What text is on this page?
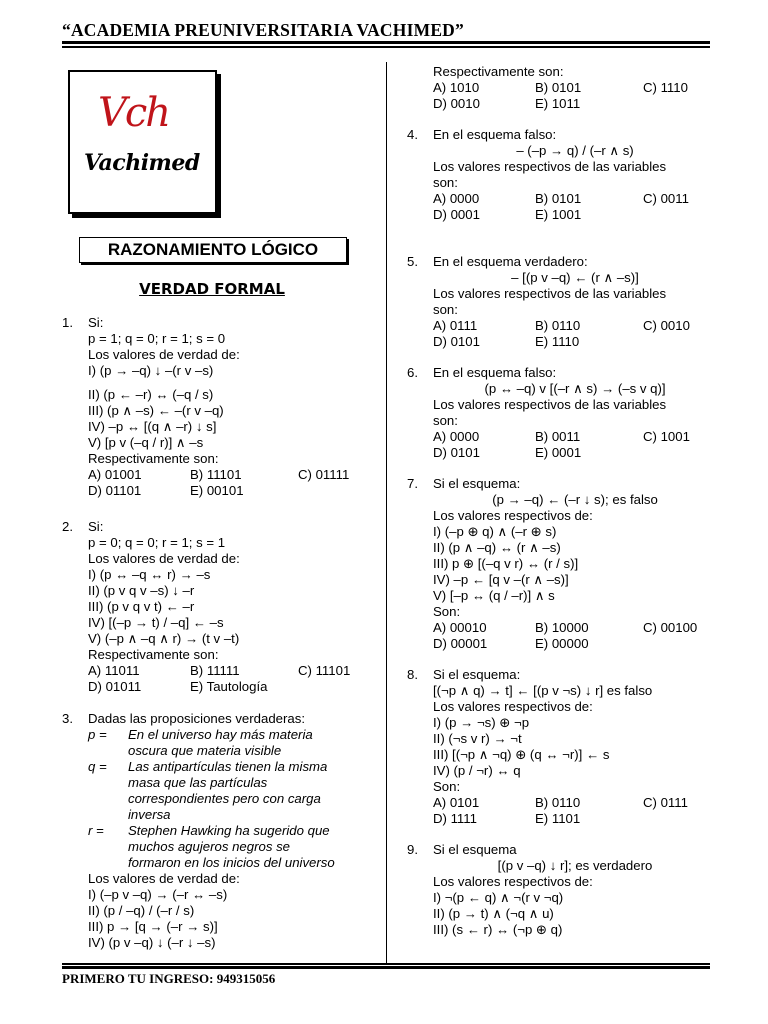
“ACADEMIA PREUNIVERSITARIA VACHIMED”
Vch
Vachimed
RAZONAMIENTO LÓGICO
VERDAD FORMAL
1. Si:
p = 1; q = 0; r = 1; s = 0
Los valores de verdad de:
I) (p → –q) ↓ –(r v –s)
II) (p ← –r) ↔ (–q / s)
III) (p ∧ –s) ← –(r v –q)
IV) –p ↔ [(q ∧ –r) ↓ s]
V) [p v (–q / r)] ∧ –s
Respectivamente son:
A) 01001	B) 11101	C) 01111
D) 01101	E) 00101
2. Si:
p = 0; q = 0; r = 1; s = 1
Los valores de verdad de:
I) (p ↔ –q ↔ r) → –s
II) (p v q v –s) ↓ –r
III) (p v q v t) ← –r
IV) [(–p → t) / –q] ← –s
V) (–p ∧ –q ∧ r) → (t v –t)
Respectivamente son:
A) 11011	B) 11111	C) 11101
D) 01011	E) Tautología
3. Dadas las proposiciones verdaderas:
p = En el universo hay más materia
oscura que materia visible
q = Las antipartículas tienen la misma
masa que las partículas
correspondientes pero con carga
inversa
r = Stephen Hawking ha sugerido que
muchos agujeros negros se
formaron en los inicios del universo
Los valores de verdad de:
I) (–p v –q) → (–r ↔ –s)
II) (p / –q) / (–r / s)
III) p → [q → (–r → s)]
IV) (p v –q) ↓ (–r ↓ –s)
Respectivamente son:
A) 1010	B) 0101	C) 1110
D) 0010	E) 1011
4. En el esquema falso:
– (–p → q) / (–r ∧ s)
Los valores respectivos de las variables
son:
A) 0000	B) 0101	C) 0011
D) 0001	E) 1001
5. En el esquema verdadero:
– [(p v –q) ← (r ∧ –s)]
Los valores respectivos de las variables
son:
A) 0111	B) 0110	C) 0010
D) 0101	E) 1110
6. En el esquema falso:
(p ↔ –q) v [(–r ∧ s) → (–s v q)]
Los valores respectivos de las variables
son:
A) 0000	B) 0011	C) 1001
D) 0101	E) 0001
7. Si el esquema:
(p → –q) ← (–r ↓ s); es falso
Los valores respectivos de:
I) (–p ⊕ q) ∧ (–r ⊕ s)
II) (p ∧ –q) ↔ (r ∧ –s)
III) p ⊕ [(–q v r) ↔ (r / s)]
IV) –p ← [q v –(r ∧ –s)]
V) [–p ↔ (q / –r)] ∧ s
Son:
A) 00010	B) 10000	C) 00100
D) 00001	E) 00000
8. Si el esquema:
[(¬p ∧ q) → t] ← [(p v ¬s) ↓ r] es falso
Los valores respectivos de:
I) (p → ¬s) ⊕ ¬p
II) (¬s v r) → ¬t
III) [(¬p ∧ ¬q) ⊕ (q ↔ ¬r)] ← s
IV) (p / ¬r) ↔ q
Son:
A) 0101	B) 0110	C) 0111
D) 1111	E) 1101
9. Si el esquema
[(p v –q) ↓ r]; es verdadero
Los valores respectivos de:
I) ¬(p ← q) ∧ ¬(r v ¬q)
II) (p → t) ∧ (¬q ∧ u)
III) (s ← r) ↔ (¬p ⊕ q)
PRIMERO TU INGRESO: 949315056
